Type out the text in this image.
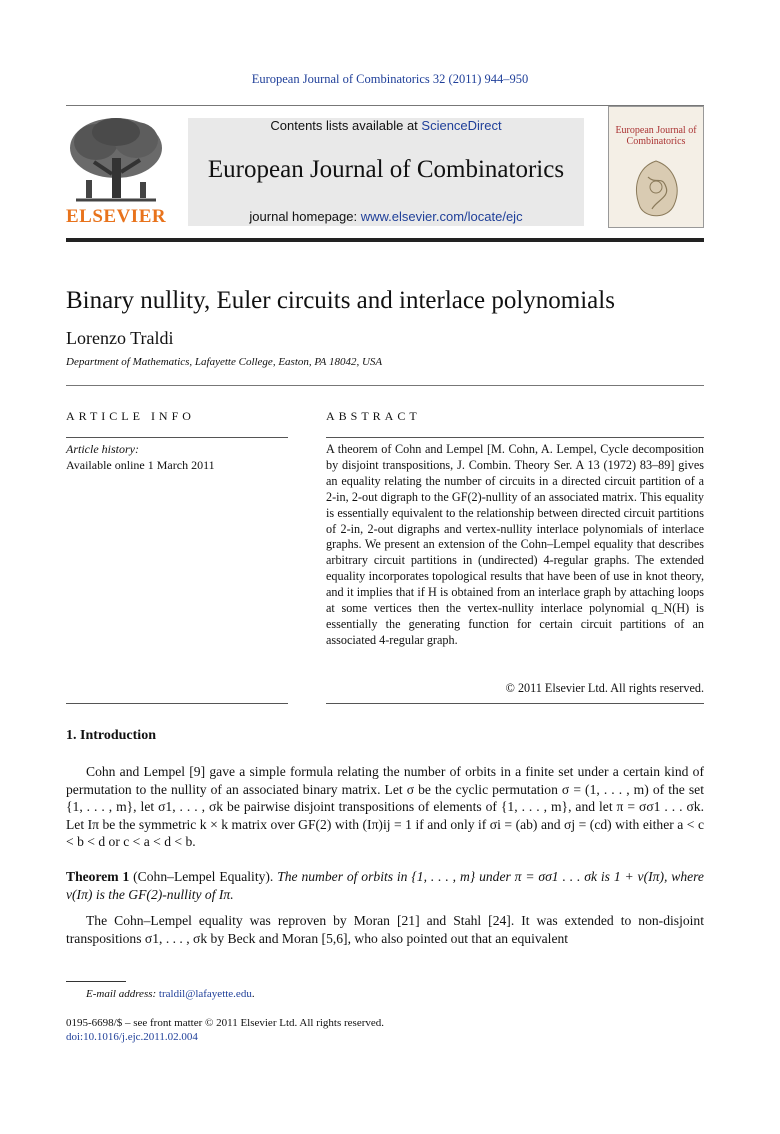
European Journal of Combinatorics 32 (2011) 944–950
ELSEVIER
Contents lists available at ScienceDirect
European Journal of Combinatorics
journal homepage: www.elsevier.com/locate/ejc
European Journal of Combinatorics
Binary nullity, Euler circuits and interlace polynomials
Lorenzo Traldi
Department of Mathematics, Lafayette College, Easton, PA 18042, USA
ARTICLE INFO
Article history:
Available online 1 March 2011
ABSTRACT
A theorem of Cohn and Lempel [M. Cohn, A. Lempel, Cycle decomposition by disjoint transpositions, J. Combin. Theory Ser. A 13 (1972) 83–89] gives an equality relating the number of circuits in a directed circuit partition of a 2-in, 2-out digraph to the GF(2)-nullity of an associated matrix. This equality is essentially equivalent to the relationship between directed circuit partitions of 2-in, 2-out digraphs and vertex-nullity interlace polynomials of interlace graphs. We present an extension of the Cohn–Lempel equality that describes arbitrary circuit partitions in (undirected) 4-regular graphs. The extended equality incorporates topological results that have been of use in knot theory, and it implies that if H is obtained from an interlace graph by attaching loops at some vertices then the vertex-nullity interlace polynomial q_N(H) is essentially the generating function for certain circuit partitions of an associated 4-regular graph.
© 2011 Elsevier Ltd. All rights reserved.
1. Introduction
Cohn and Lempel [9] gave a simple formula relating the number of orbits in a finite set under a certain kind of permutation to the nullity of an associated binary matrix. Let σ be the cyclic permutation σ = (1, . . . , m) of the set {1, . . . , m}, let σ1, . . . , σk be pairwise disjoint transpositions of elements of {1, . . . , m}, and let π = σσ1 . . . σk. Let Iπ be the symmetric k × k matrix over GF(2) with (Iπ)ij = 1 if and only if σi = (ab) and σj = (cd) with either a < c < b < d or c < a < d < b.
Theorem 1 (Cohn–Lempel Equality). The number of orbits in {1, . . . , m} under π = σσ1 . . . σk is 1 + ν(Iπ), where ν(Iπ) is the GF(2)-nullity of Iπ.
The Cohn–Lempel equality was reproven by Moran [21] and Stahl [24]. It was extended to non-disjoint transpositions σ1, . . . , σk by Beck and Moran [5,6], who also pointed out that an equivalent
E-mail address: traldil@lafayette.edu.
0195-6698/$ – see front matter © 2011 Elsevier Ltd. All rights reserved.
doi:10.1016/j.ejc.2011.02.004
